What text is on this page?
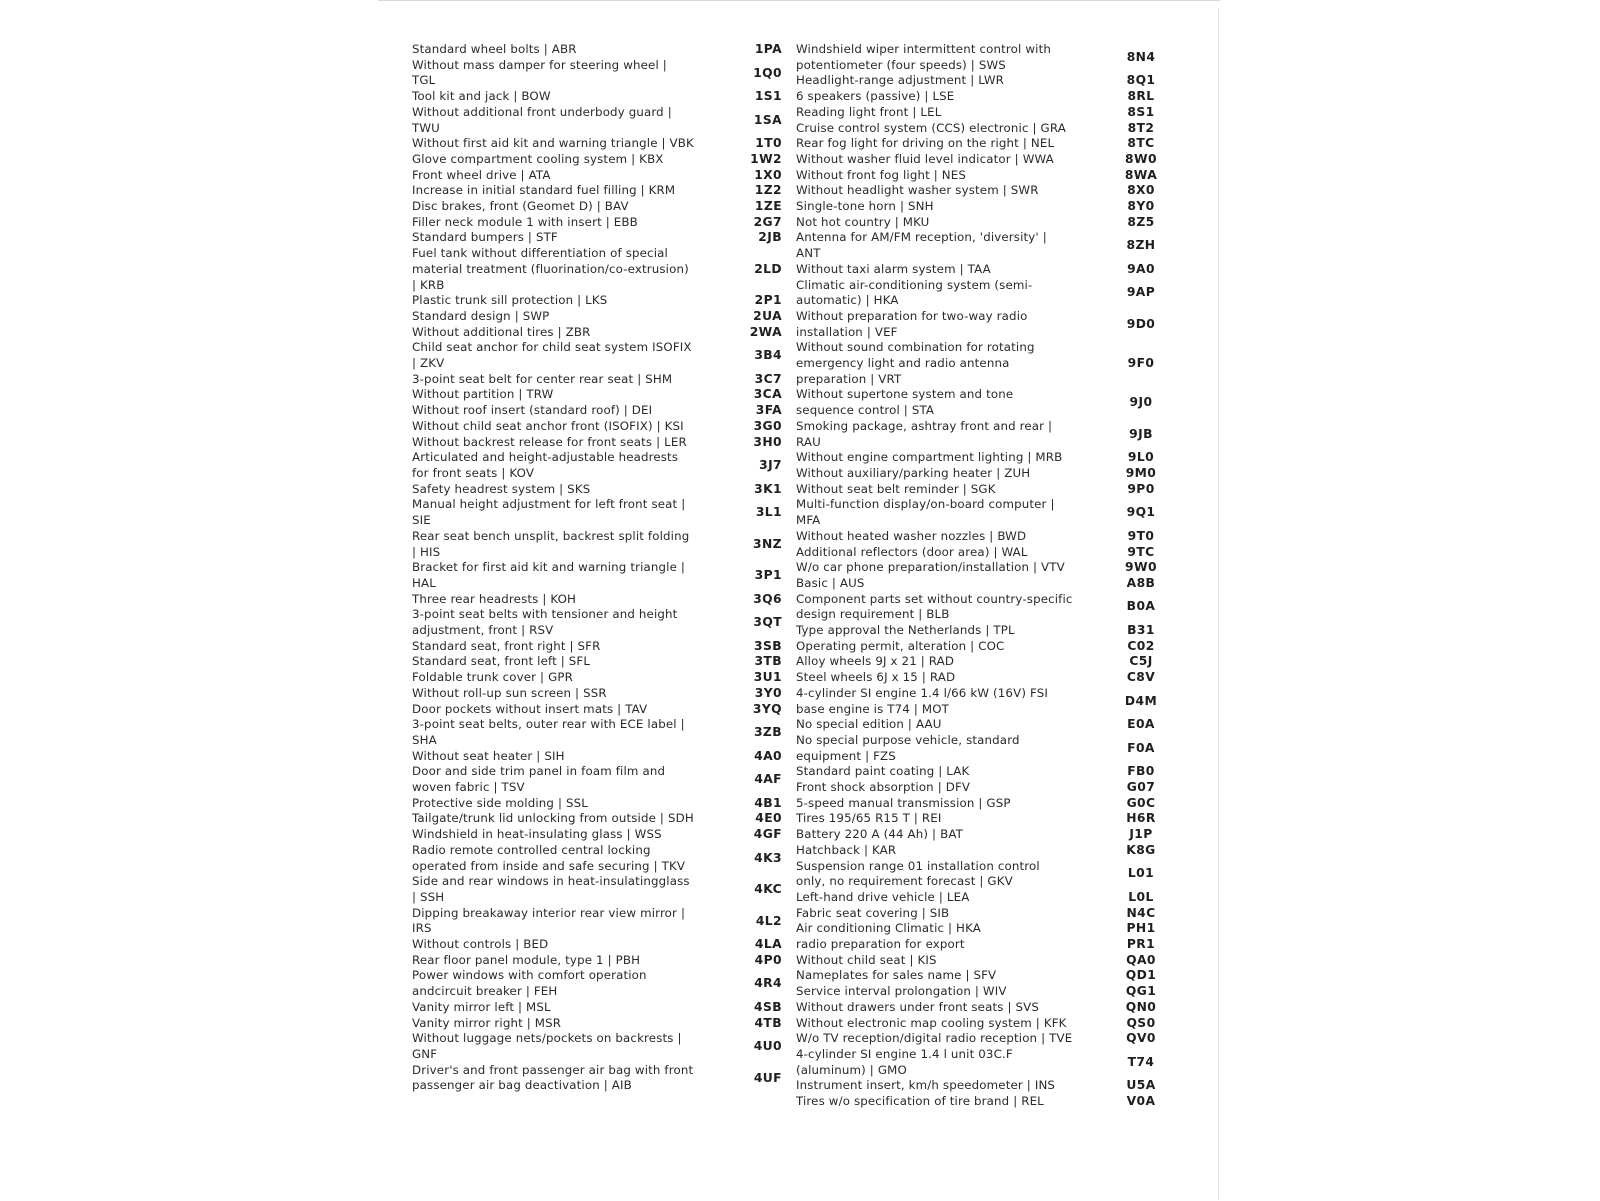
Standard wheel bolts | ABR	1PA
Without mass damper for steering wheel | TGL
1Q0
Tool kit and jack | BOW	1S1
Without additional front underbody guard | TWU
1SA
Without first aid kit and warning triangle | VBK	1T0
Glove compartment cooling system | KBX	1W2
Front wheel drive | ATA	1X0
Increase in initial standard fuel filling | KRM	1Z2
Disc brakes, front (Geomet D) | BAV	1ZE
Filler neck module 1 with insert | EBB	2G7
Standard bumpers | STF	2JB
Fuel tank without differentiation of special material treatment (fluorination/co-extrusion) | KRB
2LD
Plastic trunk sill protection | LKS	2P1
Standard design | SWP	2UA
Without additional tires | ZBR	2WA
Child seat anchor for child seat system ISOFIX | ZKV
3B4
3-point seat belt for center rear seat | SHM	3C7
Without partition | TRW	3CA
Without roof insert (standard roof) | DEI	3FA
Without child seat anchor front (ISOFIX) | KSI	3G0
Without backrest release for front seats | LER	3H0
Articulated and height-adjustable headrests for front seats | KOV
3J7
Safety headrest system | SKS	3K1
Manual height adjustment for left front seat | SIE
3L1
Rear seat bench unsplit, backrest split folding | HIS
3NZ
Bracket for first aid kit and warning triangle | HAL
3P1
Three rear headrests | KOH	3Q6
3-point seat belts with tensioner and height adjustment, front | RSV
3QT
Standard seat, front right | SFR	3SB
Standard seat, front left | SFL	3TB
Foldable trunk cover | GPR	3U1
Without roll-up sun screen | SSR	3Y0
Door pockets without insert mats | TAV	3YQ
3-point seat belts, outer rear with ECE label | SHA
3ZB
Without seat heater | SIH	4A0
Door and side trim panel in foam film and woven fabric | TSV
4AF
Protective side molding | SSL	4B1
Tailgate/trunk lid unlocking from outside | SDH	4E0
Windshield in heat-insulating glass | WSS	4GF
Radio remote controlled central locking operated from inside and safe securing | TKV
4K3
Side and rear windows in heat-insulatingglass | SSH
4KC
Dipping breakaway interior rear view mirror | IRS
4L2
Without controls | BED	4LA
Rear floor panel module, type 1 | PBH	4P0
Power windows with comfort operation andcircuit breaker | FEH
4R4
Vanity mirror left | MSL	4SB
Vanity mirror right | MSR	4TB
Without luggage nets/pockets on backrests | GNF
4U0
Driver's and front passenger air bag with front passenger air bag deactivation | AIB
4UF
Windshield wiper intermittent control with potentiometer (four speeds) | SWS
8N4
Headlight-range adjustment | LWR	8Q1
6 speakers (passive) | LSE	8RL
Reading light front | LEL	8S1
Cruise control system (CCS) electronic | GRA	8T2
Rear fog light for driving on the right | NEL	8TC
Without washer fluid level indicator | WWA	8W0
Without front fog light | NES	8WA
Without headlight washer system | SWR	8X0
Single-tone horn | SNH	8Y0
Not hot country | MKU	8Z5
Antenna for AM/FM reception, 'diversity' | ANT
8ZH
Without taxi alarm system | TAA	9A0
Climatic air-conditioning system (semi-automatic) | HKA
9AP
Without preparation for two-way radio installation | VEF
9D0
Without sound combination for rotating emergency light and radio antenna preparation | VRT
9F0
Without supertone system and tone sequence control | STA
9J0
Smoking package, ashtray front and rear | RAU
9JB
Without engine compartment lighting | MRB	9L0
Without auxiliary/parking heater | ZUH	9M0
Without seat belt reminder | SGK	9P0
Multi-function display/on-board computer | MFA
9Q1
Without heated washer nozzles | BWD	9T0
Additional reflectors (door area) | WAL	9TC
W/o car phone preparation/installation | VTV	9W0
Basic | AUS	A8B
Component parts set without country-specific design requirement | BLB
B0A
Type approval the Netherlands | TPL	B31
Operating permit, alteration | COC	C02
Alloy wheels 9J x 21 | RAD	C5J
Steel wheels 6J x 15 | RAD	C8V
4-cylinder SI engine 1.4 l/66 kW (16V) FSI base engine is T74 | MOT
D4M
No special edition | AAU	E0A
No special purpose vehicle, standard equipment | FZS
F0A
Standard paint coating | LAK	FB0
Front shock absorption | DFV	G07
5-speed manual transmission | GSP	G0C
Tires 195/65 R15 T | REI	H6R
Battery 220 A (44 Ah) | BAT	J1P
Hatchback | KAR	K8G
Suspension range 01 installation control only, no requirement forecast | GKV
L01
Left-hand drive vehicle | LEA	L0L
Fabric seat covering | SIB	N4C
Air conditioning Climatic | HKA	PH1
radio preparation for export	PR1
Without child seat | KIS	QA0
Nameplates for sales name | SFV	QD1
Service interval prolongation | WIV	QG1
Without drawers under front seats | SVS	QN0
Without electronic map cooling system | KFK	QS0
W/o TV reception/digital radio reception | TVE	QV0
4-cylinder SI engine 1.4 l unit 03C.F (aluminum) | GMO
T74
Instrument insert, km/h speedometer | INS	U5A
Tires w/o specification of tire brand | REL	V0A
